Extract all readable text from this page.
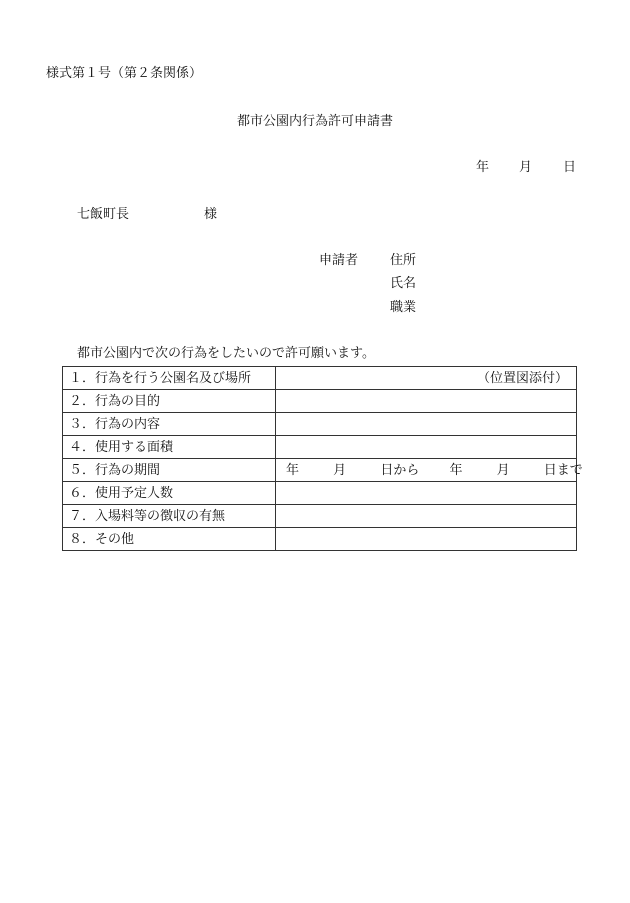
様式第１号（第２条関係）
都市公園内行為許可申請書
年 月 日
七飯町長	様
申請者 住所
氏名
職業
都市公園内で次の行為をしたいので許可願います。
１．行為を行う公園名及び場所	（位置図添付）

２．行為の目的	
３．行為の内容	
４．使用する面積	
５．行為の期間	年 月 日から 年 月 日まで
６．使用予定人数	
７．入場料等の徴収の有無	
８．その他	
